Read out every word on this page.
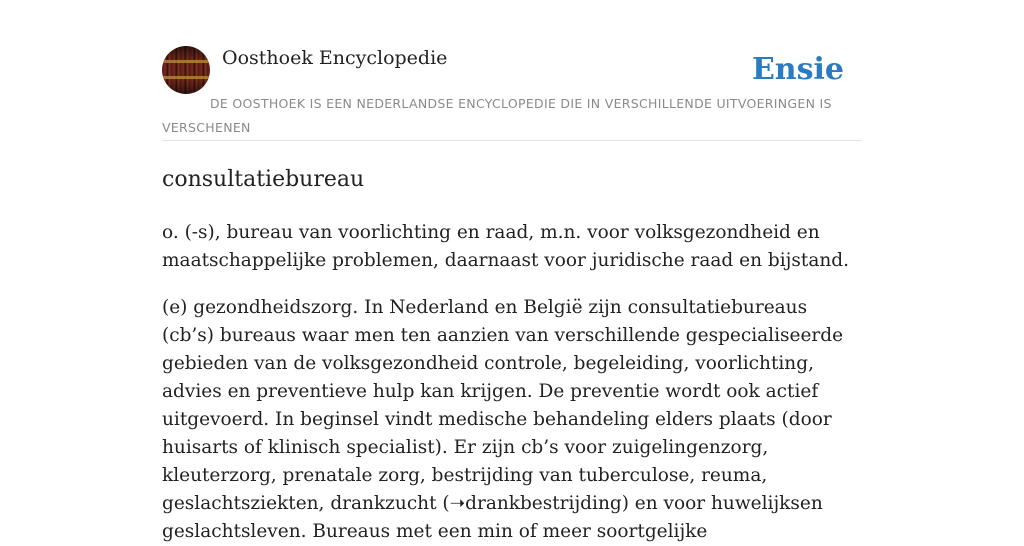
Oosthoek Encyclopedie	Ensie
DE OOSTHOEK IS EEN NEDERLANDSE ENCYCLOPEDIE DIE IN VERSCHILLENDE UITVOERINGEN IS VERSCHENEN
consultatiebureau

o. (-s), bureau van voorlichting en raad, m.n. voor volksgezondheid en maatschappelijke problemen, daarnaast voor juridische raad en bijstand.

(e) gezondheidszorg. In Nederland en België zijn consultatiebureaus (cb’s) bureaus waar men ten aanzien van verschillende gespecialiseerde gebieden van de volksgezondheid controle, begeleiding, voorlichting, advies en preventieve hulp kan krijgen. De preventie wordt ook actief uitgevoerd. In beginsel vindt medische behandeling elders plaats (door huisarts of klinisch specialist). Er zijn cb’s voor zuigelingenzorg, kleuterzorg, prenatale zorg, bestrijding van tuberculose, reuma, geslachtsziekten, drankzucht (➝drankbestrijding) en voor huwelijksen geslachtsleven. Bureaus met een min of meer soortgelijke
